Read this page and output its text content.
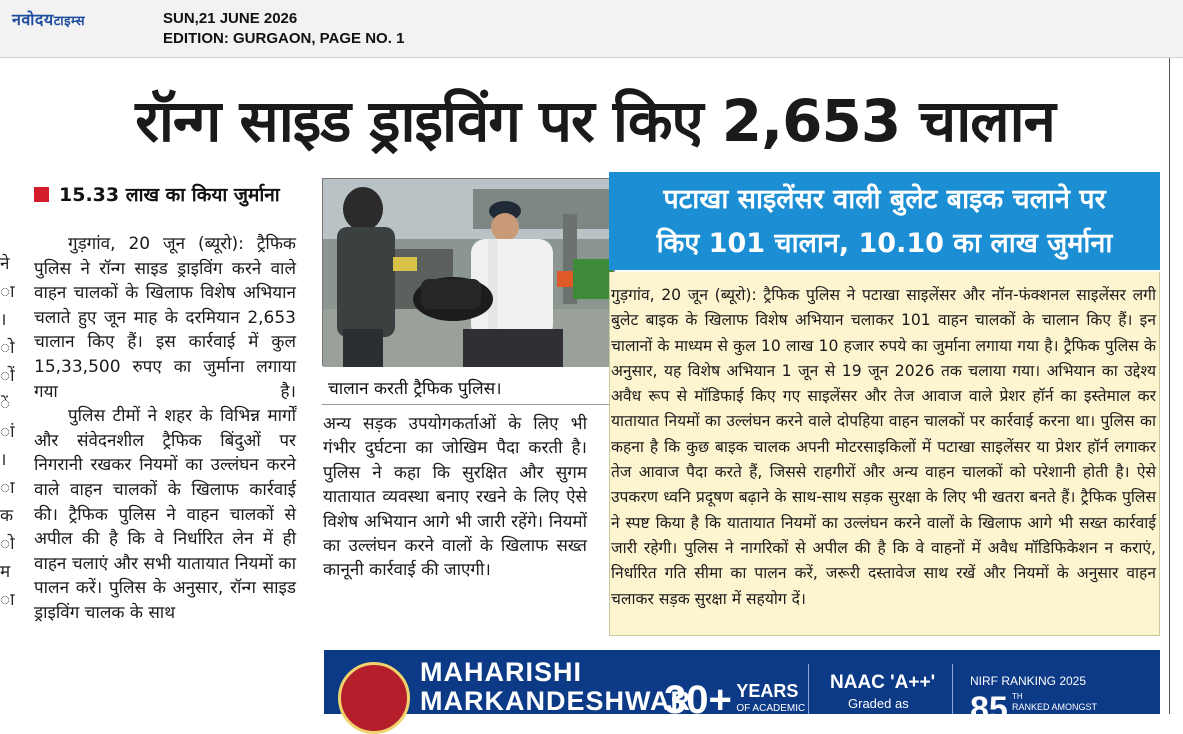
नवोदयटाइम्स	SUN,21 JUNE 2026
EDITION: GURGAON, PAGE NO. 1
रॉन्ग साइड ड्राइविंग पर किए 2,653 चालान
ने
ा
।
ो
ों
ें
ां
।
ा
क
ो
म
ा
15.33 लाख का किया जुर्माना
गुड़गांव, 20 जून (ब्यूरो): ट्रैफिक पुलिस ने रॉन्ग साइड ड्राइविंग करने वाले वाहन चालकों के खिलाफ विशेष अभियान चलाते हुए जून माह के दरमियान 2,653 चालान किए हैं। इस कार्रवाई में कुल 15,33,500 रुपए का जुर्माना लगाया गया है।
पुलिस टीमों ने शहर के विभिन्न मार्गों और संवेदनशील ट्रैफिक बिंदुओं पर निगरानी रखकर नियमों का उल्लंघन करने वाले वाहन चालकों के खिलाफ कार्रवाई की। ट्रैफिक पुलिस ने वाहन चालकों से अपील की है कि वे निर्धारित लेन में ही वाहन चलाएं और सभी यातायात नियमों का पालन करें। पुलिस के अनुसार, रॉन्ग साइड ड्राइविंग चालक के साथ
चालान करती ट्रैफिक पुलिस।
अन्य सड़क उपयोगकर्ताओं के लिए भी गंभीर दुर्घटना का जोखिम पैदा करती है। पुलिस ने कहा कि सुरक्षित और सुगम यातायात व्यवस्था बनाए रखने के लिए ऐसे विशेष अभियान आगे भी जारी रहेंगे। नियमों का उल्लंघन करने वालों के खिलाफ सख्त कानूनी कार्रवाई की जाएगी।
पटाखा साइलेंसर वाली बुलेट बाइक चलाने पर
किए 101 चालान, 10.10 का लाख जुर्माना
गुड़गांव, 20 जून (ब्यूरो): ट्रैफिक पुलिस ने पटाखा साइलेंसर और नॉन-फंक्शनल साइलेंसर लगी बुलेट बाइक के खिलाफ विशेष अभियान चलाकर 101 वाहन चालकों के चालान किए हैं। इन चालानों के माध्यम से कुल 10 लाख 10 हजार रुपये का जुर्माना लगाया गया है। ट्रैफिक पुलिस के अनुसार, यह विशेष अभियान 1 जून से 19 जून 2026 तक चलाया गया। अभियान का उद्देश्य अवैध रूप से मॉडिफाई किए गए साइलेंसर और तेज आवाज वाले प्रेशर हॉर्न का इस्तेमाल कर यातायात नियमों का उल्लंघन करने वाले दोपहिया वाहन चालकों पर कार्रवाई करना था। पुलिस का कहना है कि कुछ बाइक चालक अपनी मोटरसाइकिलों में पटाखा साइलेंसर या प्रेशर हॉर्न लगाकर तेज आवाज पैदा करते हैं, जिससे राहगीरों और अन्य वाहन चालकों को परेशानी होती है। ऐसे उपकरण ध्वनि प्रदूषण बढ़ाने के साथ-साथ सड़क सुरक्षा के लिए भी खतरा बनते हैं। ट्रैफिक पुलिस ने स्पष्ट किया है कि यातायात नियमों का उल्लंघन करने वालों के खिलाफ आगे भी सख्त कार्रवाई जारी रहेगी। पुलिस ने नागरिकों से अपील की है कि वे वाहनों में अवैध मॉडिफिकेशन न कराएं, निर्धारित गति सीमा का पालन करें, जरूरी दस्तावेज साथ रखें और नियमों के अनुसार वाहन चलाकर सड़क सुरक्षा में सहयोग दें।
MAHARISHI
MARKANDESHWAR
30+ YEARS
OF ACADEMIC
NAAC 'A++'
Graded as
NIRF RANKING 2025
85 TH
RANKED AMONGST
